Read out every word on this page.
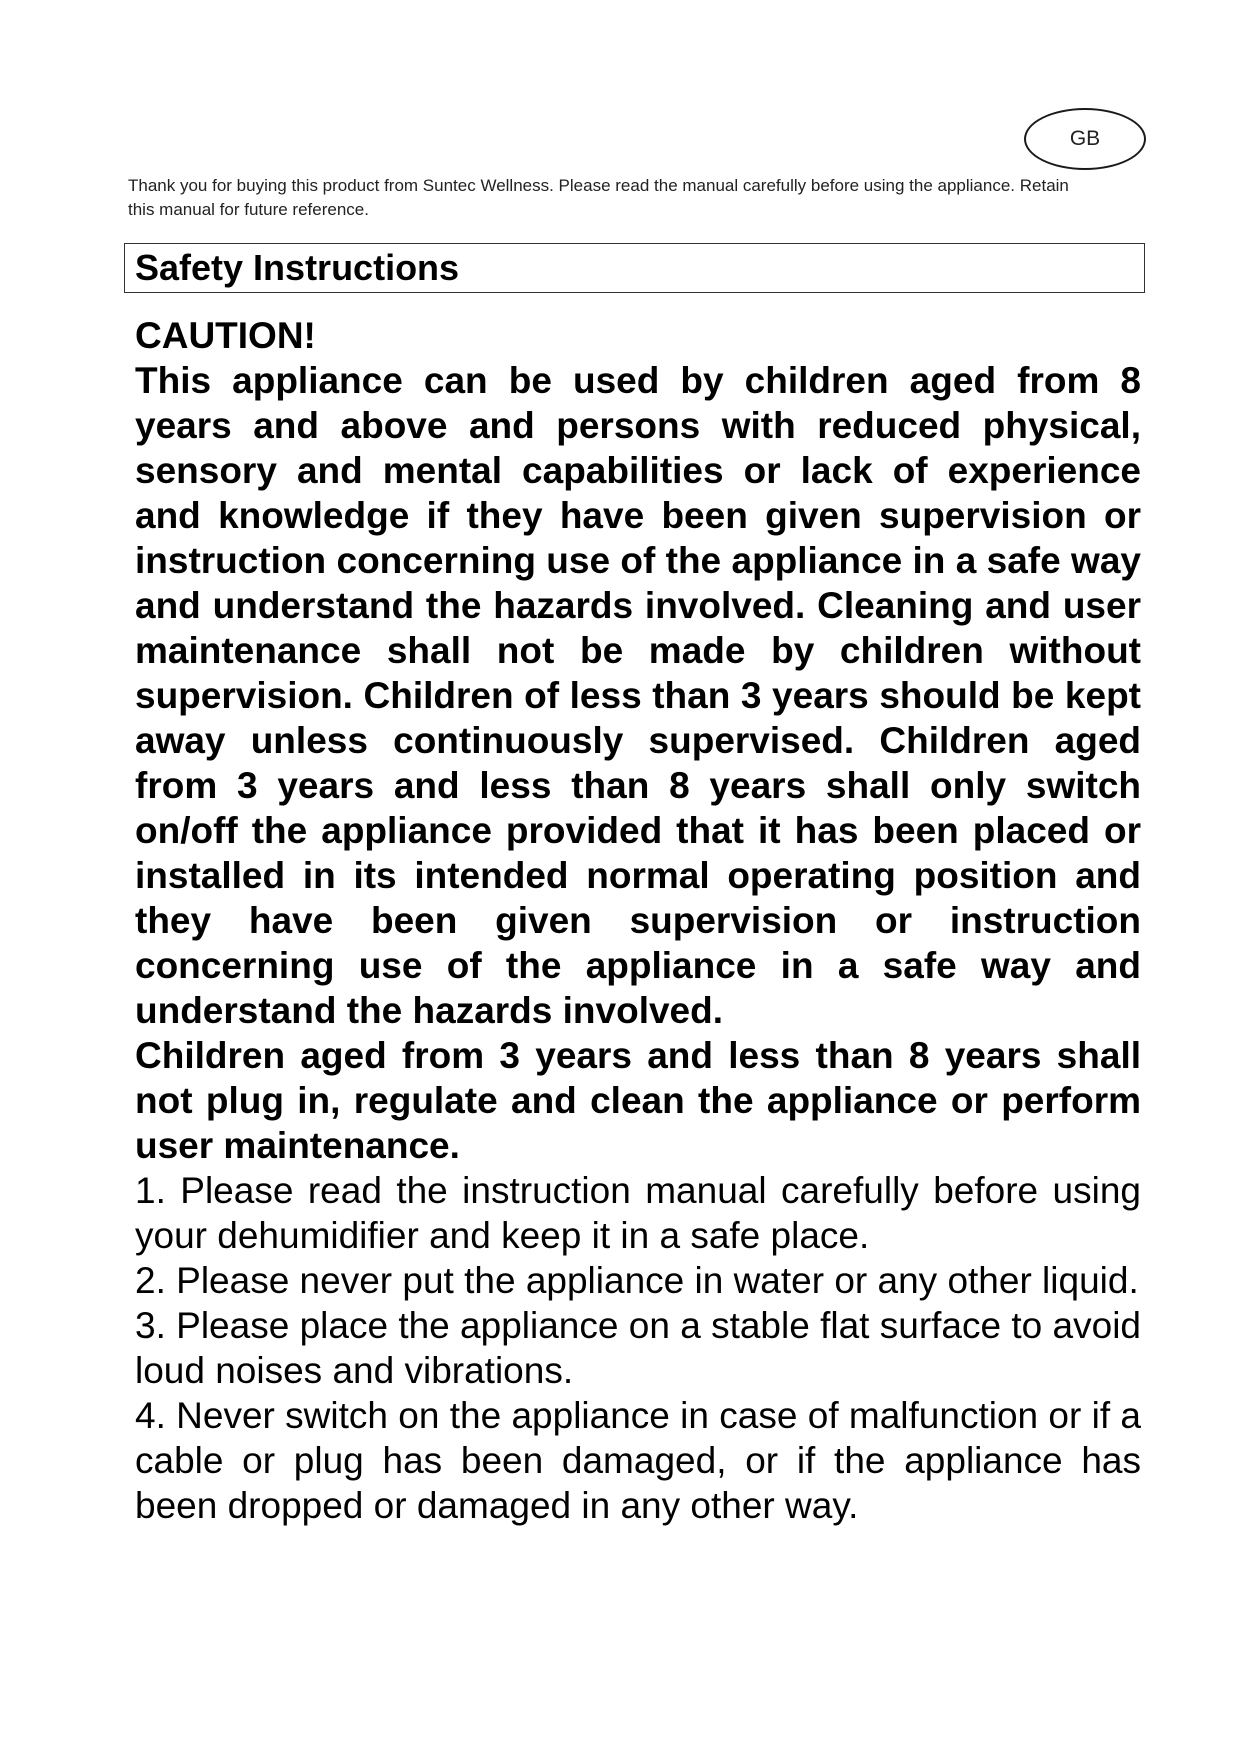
GB
Thank you for buying this product from Suntec Wellness. Please read the manual carefully before using the appliance. Retain this manual for future reference.
Safety Instructions

CAUTION!

This appliance can be used by children aged from 8 years and above and persons with reduced physical, sensory and mental capabilities or lack of experience and knowledge if they have been given supervision or instruction concerning use of the appliance in a safe way and understand the hazards involved. Cleaning and user maintenance shall not be made by children without supervision. Children of less than 3 years should be kept away unless continuously supervised. Children aged from 3 years and less than 8 years shall only switch on/off the appliance provided that it has been placed or installed in its intended normal operating position and they have been given supervision or instruction concerning use of the appliance in a safe way and understand the hazards involved.

Children aged from 3 years and less than 8 years shall not plug in, regulate and clean the appliance or perform user maintenance.

1. Please read the instruction manual carefully before using your dehumidifier and keep it in a safe place.

2. Please never put the appliance in water or any other liquid.

3. Please place the appliance on a stable flat surface to avoid loud noises and vibrations.

4. Never switch on the appliance in case of malfunction or if a cable or plug has been damaged, or if the appliance has been dropped or damaged in any other way.
